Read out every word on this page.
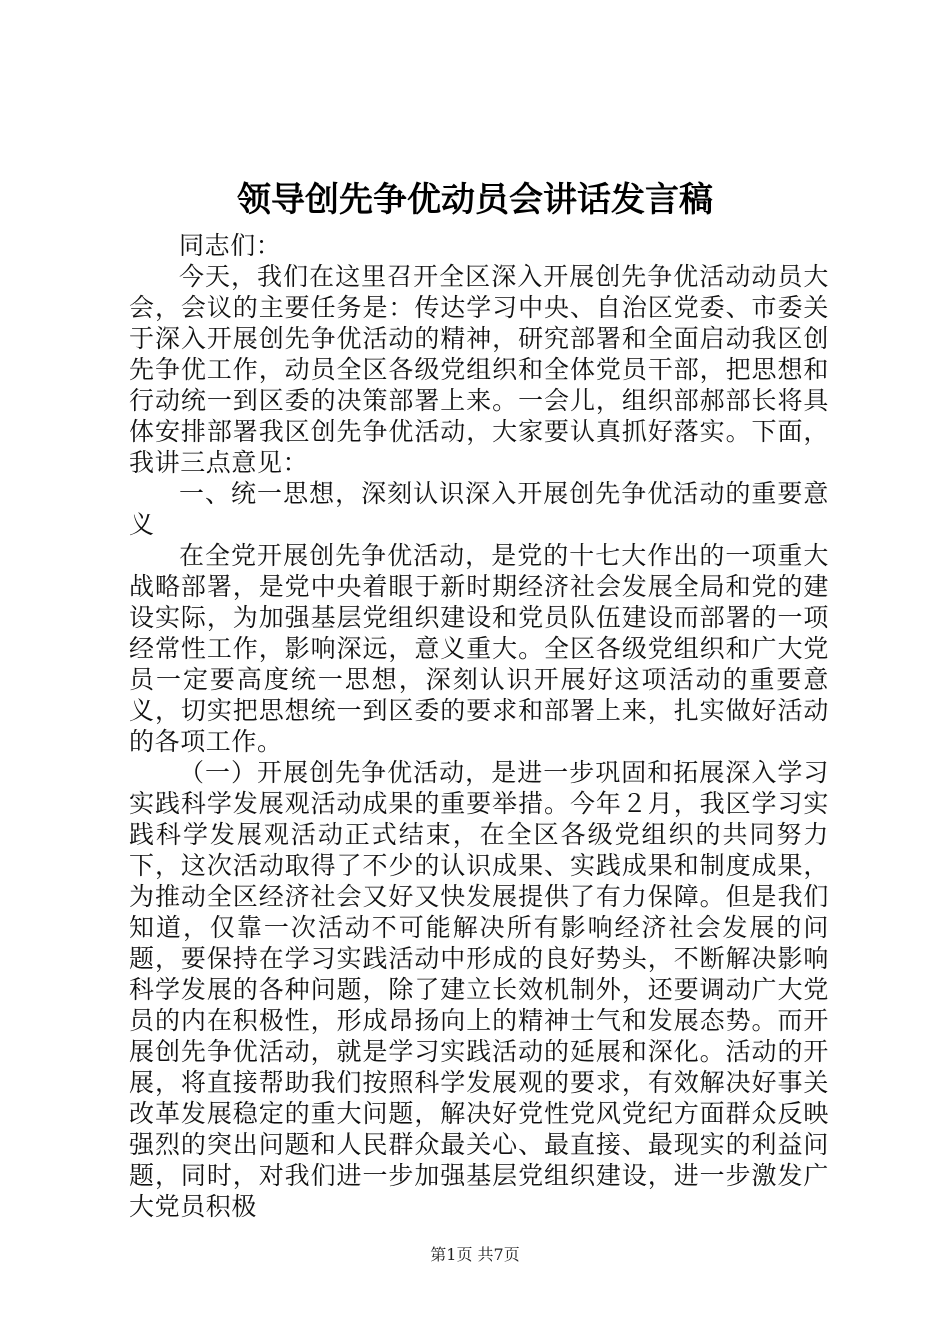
领导创先争优动员会讲话发言稿

同志们：

今天，我们在这里召开全区深入开展创先争优活动动员大会，会议的主要任务是：传达学习中央、自治区党委、市委关于深入开展创先争优活动的精神，研究部署和全面启动我区创先争优工作，动员全区各级党组织和全体党员干部，把思想和行动统一到区委的决策部署上来。一会儿，组织部郝部长将具体安排部署我区创先争优活动，大家要认真抓好落实。下面，我讲三点意见：

一、统一思想，深刻认识深入开展创先争优活动的重要意义

在全党开展创先争优活动，是党的十七大作出的一项重大战略部署，是党中央着眼于新时期经济社会发展全局和党的建设实际，为加强基层党组织建设和党员队伍建设而部署的一项经常性工作，影响深远，意义重大。全区各级党组织和广大党员一定要高度统一思想，深刻认识开展好这项活动的重要意义，切实把思想统一到区委的要求和部署上来，扎实做好活动的各项工作。

（一）开展创先争优活动，是进一步巩固和拓展深入学习实践科学发展观活动成果的重要举措。今年２月，我区学习实践科学发展观活动正式结束，在全区各级党组织的共同努力下，这次活动取得了不少的认识成果、实践成果和制度成果，为推动全区经济社会又好又快发展提供了有力保障。但是我们知道，仅靠一次活动不可能解决所有影响经济社会发展的问题，要保持在学习实践活动中形成的良好势头，不断解决影响科学发展的各种问题，除了建立长效机制外，还要调动广大党员的内在积极性，形成昂扬向上的精神士气和发展态势。而开展创先争优活动，就是学习实践活动的延展和深化。活动的开展，将直接帮助我们按照科学发展观的要求，有效解决好事关改革发展稳定的重大问题，解决好党性党风党纪方面群众反映强烈的突出问题和人民群众最关心、最直接、最现实的利益问题，同时，对我们进一步加强基层党组织建设，进一步激发广大党员积极

第1页 共7页
